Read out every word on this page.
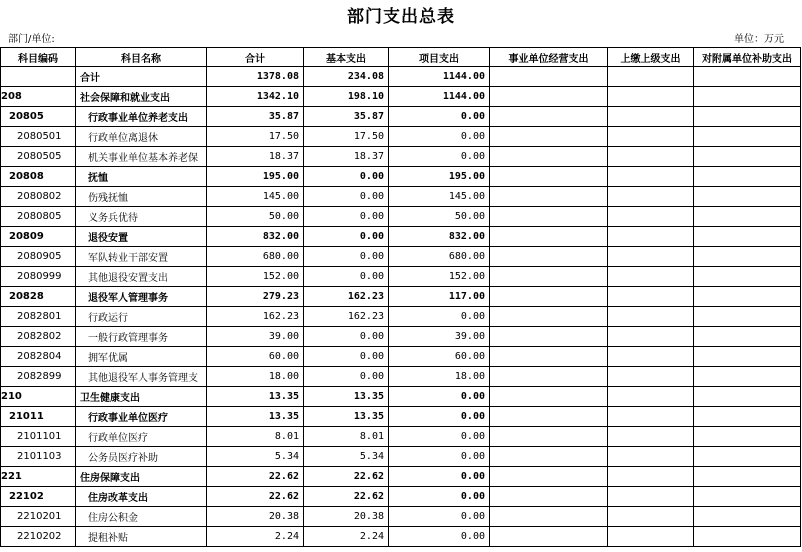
部门支出总表
部门/单位:	单位：万元
科目编码	科目名称	合计	基本支出	项目支出	事业单位经营支出	上缴上级支出	对附属单位补助支出
	合计	1378.08	234.08	1144.00			
208	社会保障和就业支出	1342.10	198.10	1144.00			
20805	行政事业单位养老支出	35.87	35.87	0.00			
2080501	行政单位离退休	17.50	17.50	0.00			
2080505	机关事业单位基本养老保	18.37	18.37	0.00			
20808	抚恤	195.00	0.00	195.00			
2080802	伤残抚恤	145.00	0.00	145.00			
2080805	义务兵优待	50.00	0.00	50.00			
20809	退役安置	832.00	0.00	832.00			
2080905	军队转业干部安置	680.00	0.00	680.00			
2080999	其他退役安置支出	152.00	0.00	152.00			
20828	退役军人管理事务	279.23	162.23	117.00			
2082801	行政运行	162.23	162.23	0.00			
2082802	一般行政管理事务	39.00	0.00	39.00			
2082804	拥军优属	60.00	0.00	60.00			
2082899	其他退役军人事务管理支	18.00	0.00	18.00			
210	卫生健康支出	13.35	13.35	0.00			
21011	行政事业单位医疗	13.35	13.35	0.00			
2101101	行政单位医疗	8.01	8.01	0.00			
2101103	公务员医疗补助	5.34	5.34	0.00			
221	住房保障支出	22.62	22.62	0.00			
22102	住房改革支出	22.62	22.62	0.00			
2210201	住房公积金	20.38	20.38	0.00			
2210202	提租补贴	2.24	2.24	0.00			
